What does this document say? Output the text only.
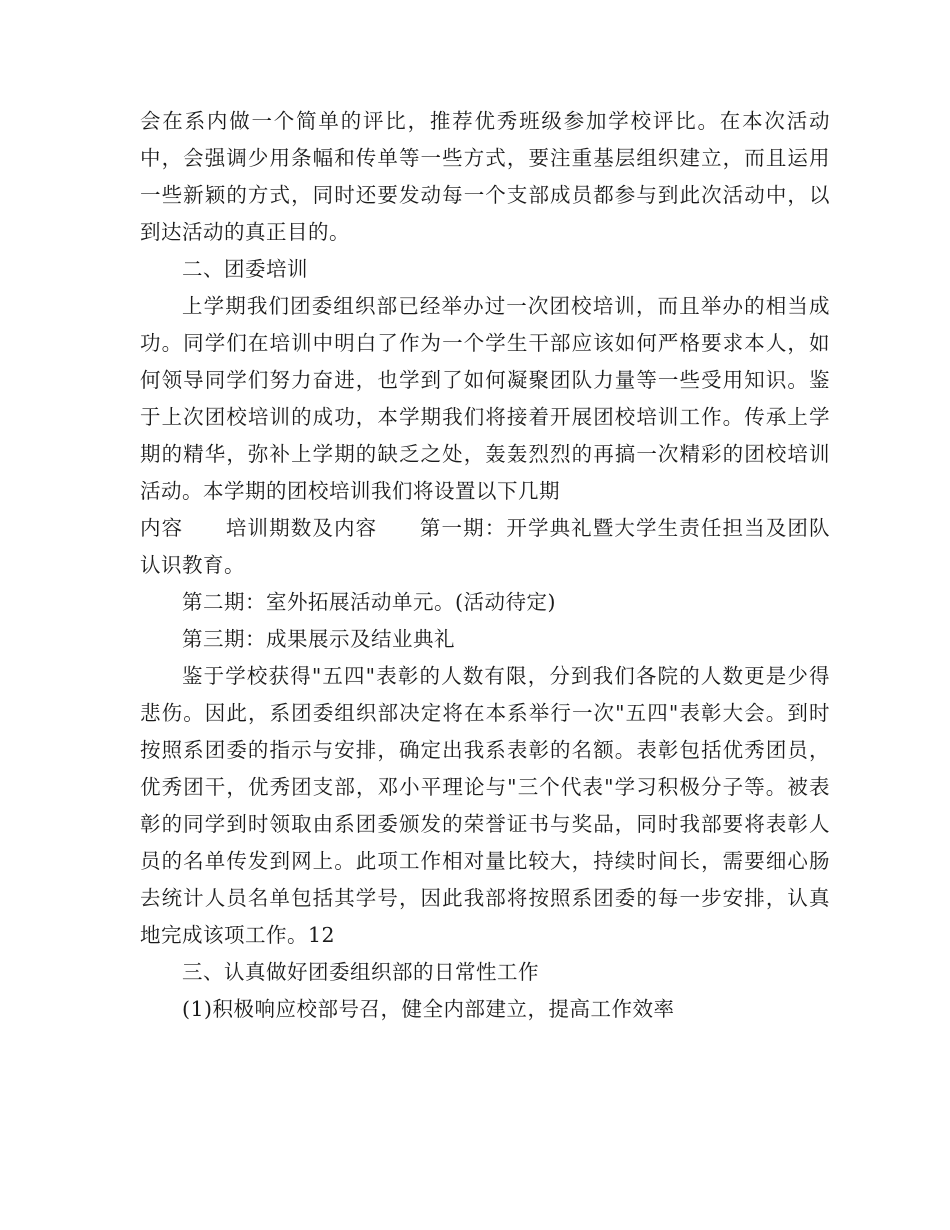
会在系内做一个简单的评比，推荐优秀班级参加学校评比。在本次活动中，会强调少用条幅和传单等一些方式，要注重基层组织建立，而且运用一些新颖的方式，同时还要发动每一个支部成员都参与到此次活动中，以到达活动的真正目的。

二、团委培训

上学期我们团委组织部已经举办过一次团校培训，而且举办的相当成功。同学们在培训中明白了作为一个学生干部应该如何严格要求本人，如何领导同学们努力奋进，也学到了如何凝聚团队力量等一些受用知识。鉴于上次团校培训的成功，本学期我们将接着开展团校培训工作。传承上学期的精华，弥补上学期的缺乏之处，轰轰烈烈的再搞一次精彩的团校培训活动。本学期的团校培训我们将设置以下几期

内容 培训期数及内容 第一期：开学典礼暨大学生责任担当及团队认识教育。

第二期：室外拓展活动单元。(活动待定)

第三期：成果展示及结业典礼

鉴于学校获得"五四"表彰的人数有限，分到我们各院的人数更是少得悲伤。因此，系团委组织部决定将在本系举行一次"五四"表彰大会。到时按照系团委的指示与安排，确定出我系表彰的名额。表彰包括优秀团员，优秀团干，优秀团支部，邓小平理论与"三个代表"学习积极分子等。被表彰的同学到时领取由系团委颁发的荣誉证书与奖品，同时我部要将表彰人员的名单传发到网上。此项工作相对量比较大，持续时间长，需要细心肠去统计人员名单包括其学号，因此我部将按照系团委的每一步安排，认真地完成该项工作。12

三、认真做好团委组织部的日常性工作

(1)积极响应校部号召，健全内部建立，提高工作效率
